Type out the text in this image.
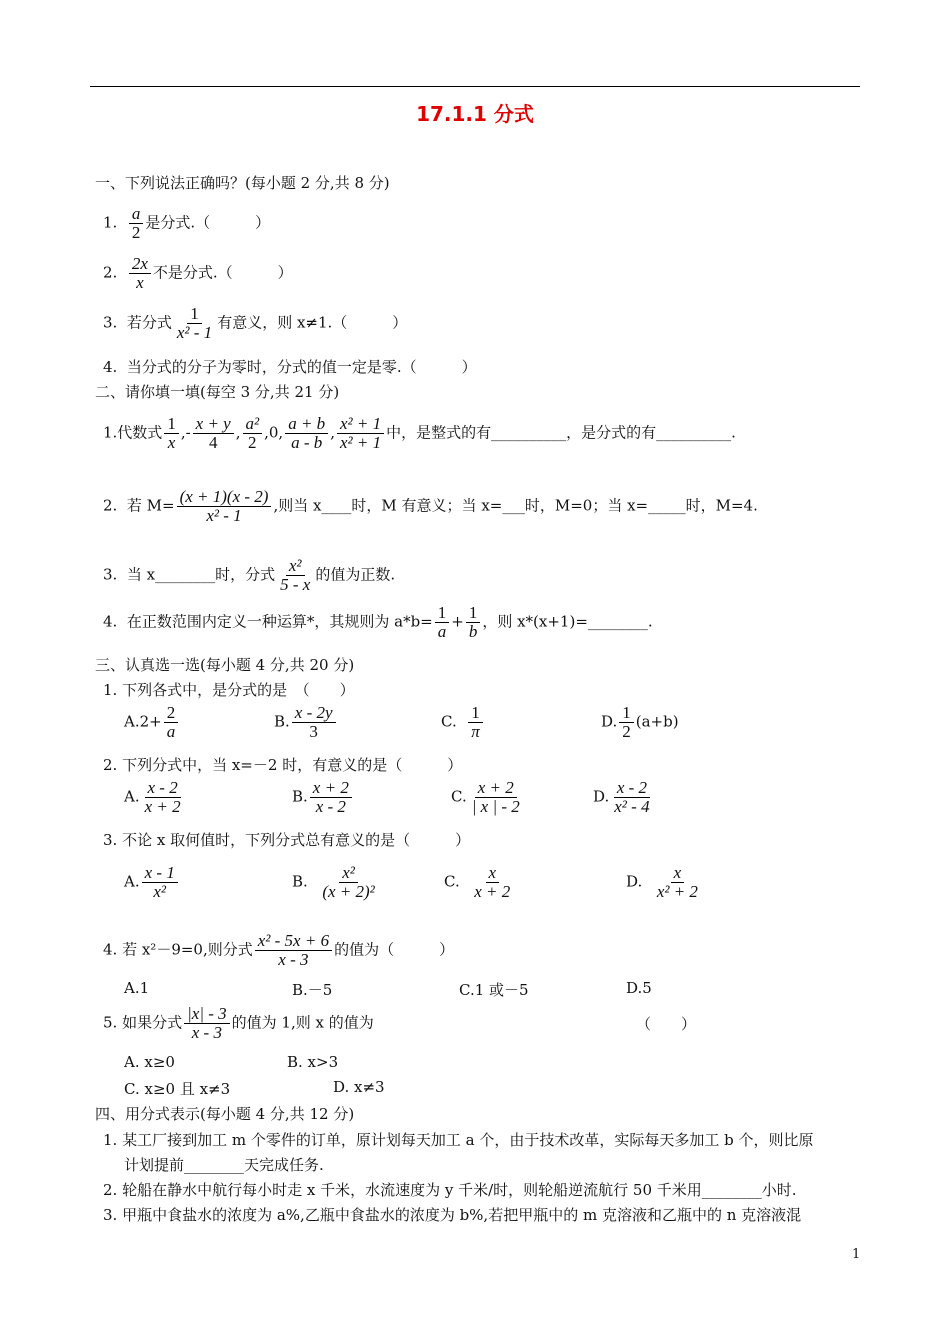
17.1.1 分式
一、下列说法正确吗？(每小题 2 分,共 8 分)
1. $\frac{a}{2}$ 是分式.（　　　）
2. $\frac{2x}{x}$ 不是分式.（　　　）
3. 若分式 $\frac{1}{\text{x² - 1}}$ 有意义，则 x≠1.（　　　）
4. 当分式的分子为零时，分式的值一定是零.（　　　）
二、请你填一填(每空 3 分,共 21 分)
1.代数式 $\frac{1}{x}$ ,- $\frac{x + y}{4}$ , $\frac{\text{a²}}{2} ,0$, $\frac{a + b}{a - b}$ , $\frac{\text{x² + 1}}{\text{x² + 1}}$ 中，是整式的有__________，是分式的有__________.
2. 若 $M= \frac{(x + 1)(x - 2)}{\text{x² - 1}}$ ,则当 x____时，M 有意义；当 x=___时，M=0；当 x=_____时，M=4.
3. 当 x________时，分式 $\frac{\text{x²}}{5 - x}$ 的值为正数.
4. 在正数范围内定义一种运算*，其规则为 $a*b= \frac{1}{a} + \frac{1}{b}$ ，则 x*(x+1)=________.
三、认真选一选(每小题 4 分,共 20 分)
1. 下列各式中，是分式的是　（　　）
$A.2+ \frac{2}{a}$	B. $\frac{x - 2y}{3}$	C. $\frac{1}{\pi}$	D. $\frac{1}{2} (a+b)$
2. 下列分式中，当 x=－2 时，有意义的是（　　　）
A. $\frac{x - 2}{x + 2}$	B. $\frac{x + 2}{x - 2}$	C. $\frac{x + 2}{| x | - 2}$	D. $\frac{x - 2}{\text{x² - 4}}$
3. 不论 x 取何值时，下列分式总有意义的是（　　　）
A. $\frac{x - 1}{\text{x²}}$	B. $\frac{\text{x²}}{\text{(x + 2)²}}$	C. $\frac{x}{x + 2}$	D. $\frac{x}{\text{x² + 2}}$
4. 若 x²－9=0,则分式 $\frac{\text{x² - 5x + 6}}{x - 3}$ 的值为（　　　）
A.1	B.－5	C.1 或－5	D.5
5. 如果分式 $\frac{|x| - 3}{x - 3}$ 的值为 1,则 x 的值为	（　　）
A. x≥0	B. x>3
C. x≥0 且 x≠3	D. x≠3
四、用分式表示(每小题 4 分,共 12 分)
1. 某工厂接到加工 m 个零件的订单，原计划每天加工 a 个，由于技术改革，实际每天多加工 b 个，则比原
计划提前________天完成任务.
2. 轮船在静水中航行每小时走 x 千米，水流速度为 y 千米/时，则轮船逆流航行 50 千米用________小时.
3. 甲瓶中食盐水的浓度为 a%,乙瓶中食盐水的浓度为 b%,若把甲瓶中的 m 克溶液和乙瓶中的 n 克溶液混
1
